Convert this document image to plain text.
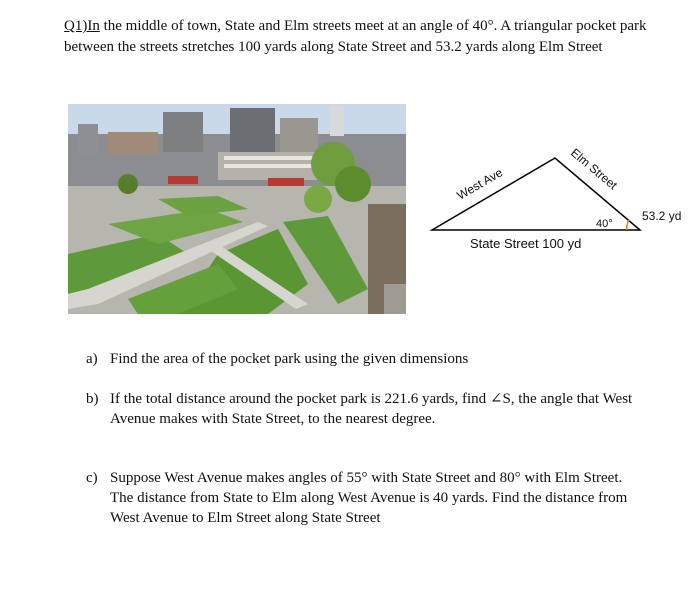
Q1)In the middle of town, State and Elm streets meet at an angle of 40°. A triangular pocket park between the streets stretches 100 yards along State Street and 53.2 yards along Elm Street
West Ave	Elm Street
53.2 yd
40°
State Street 100 yd
a) Find the area of the pocket park using the given dimensions
b) If the total distance around the pocket park is 221.6 yards, find ∠S, the angle that West Avenue makes with State Street, to the nearest degree.
c) Suppose West Avenue makes angles of 55° with State Street and 80° with Elm Street. The distance from State to Elm along West Avenue is 40 yards. Find the distance from West Avenue to Elm Street along State Street
